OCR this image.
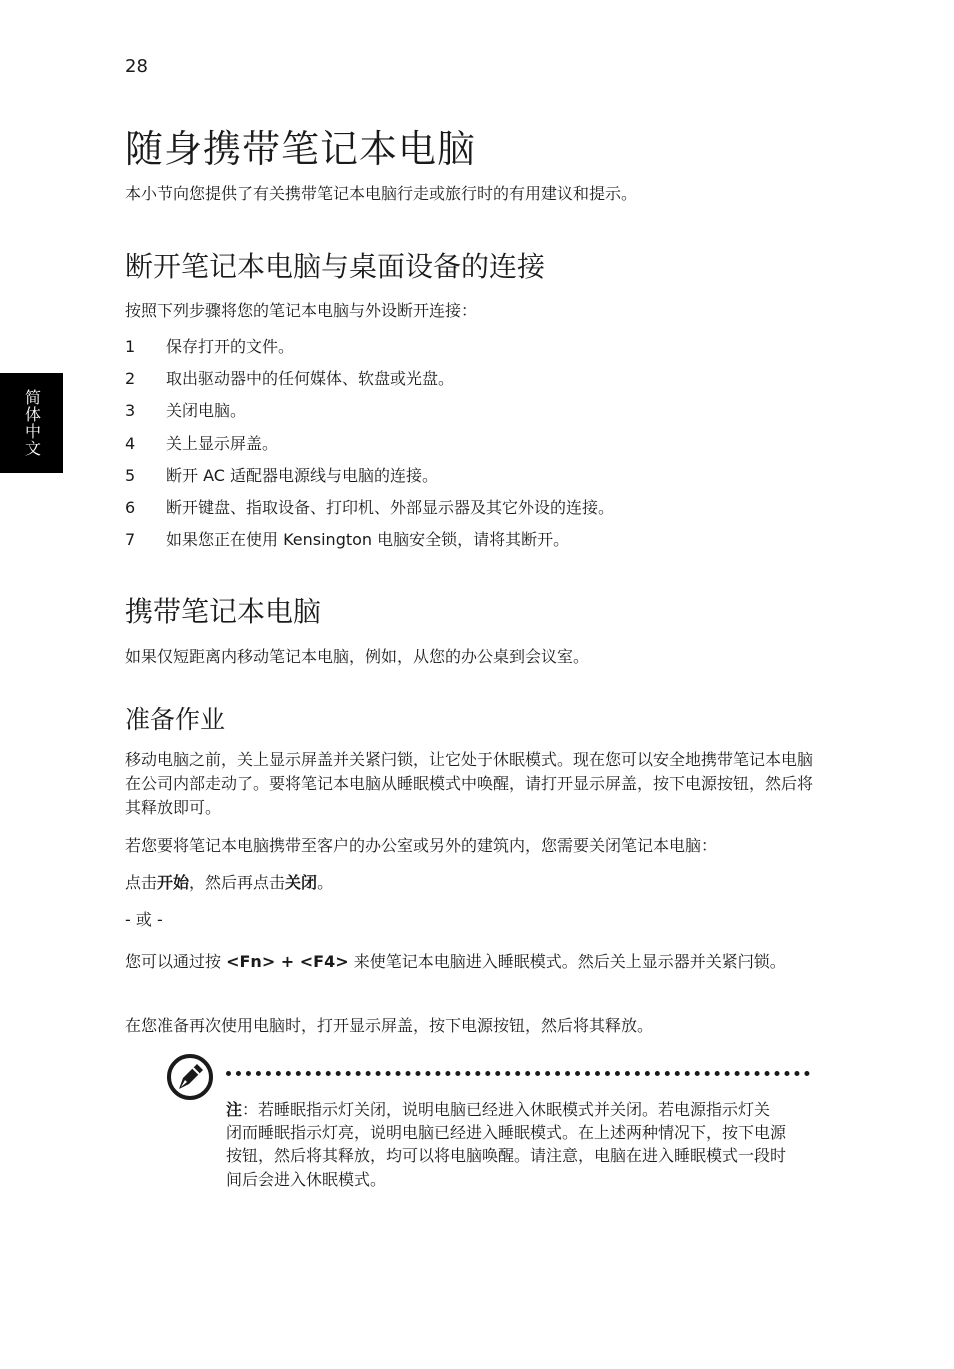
28
简体中文
随身携带笔记本电脑

本小节向您提供了有关携带笔记本电脑行走或旅行时的有用建议和提示。

断开笔记本电脑与桌面设备的连接

按照下列步骤将您的笔记本电脑与外设断开连接：

1	保存打开的文件。
2	取出驱动器中的任何媒体、软盘或光盘。
3	关闭电脑。
4	关上显示屏盖。
5	断开 AC 适配器电源线与电脑的连接。
6	断开键盘、指取设备、打印机、外部显示器及其它外设的连接。
7	如果您正在使用 Kensington 电脑安全锁，请将其断开。
携带笔记本电脑

如果仅短距离内移动笔记本电脑，例如，从您的办公桌到会议室。

准备作业

移动电脑之前，关上显示屏盖并关紧闩锁，让它处于休眠模式。现在您可以安全地携带笔记本电脑在公司内部走动了。要将笔记本电脑从睡眠模式中唤醒，请打开显示屏盖，按下电源按钮，然后将其释放即可。

若您要将笔记本电脑携带至客户的办公室或另外的建筑内，您需要关闭笔记本电脑：

点击开始，然后再点击关闭。

- 或 -

您可以通过按 <Fn> + <F4> 来使笔记本电脑进入睡眠模式。然后关上显示器并关紧闩锁。

在您准备再次使用电脑时，打开显示屏盖，按下电源按钮，然后将其释放。

注：若睡眠指示灯关闭，说明电脑已经进入休眠模式并关闭。若电源指示灯关闭而睡眠指示灯亮，说明电脑已经进入睡眠模式。在上述两种情况下，按下电源按钮，然后将其释放，均可以将电脑唤醒。请注意，电脑在进入睡眠模式一段时间后会进入休眠模式。
